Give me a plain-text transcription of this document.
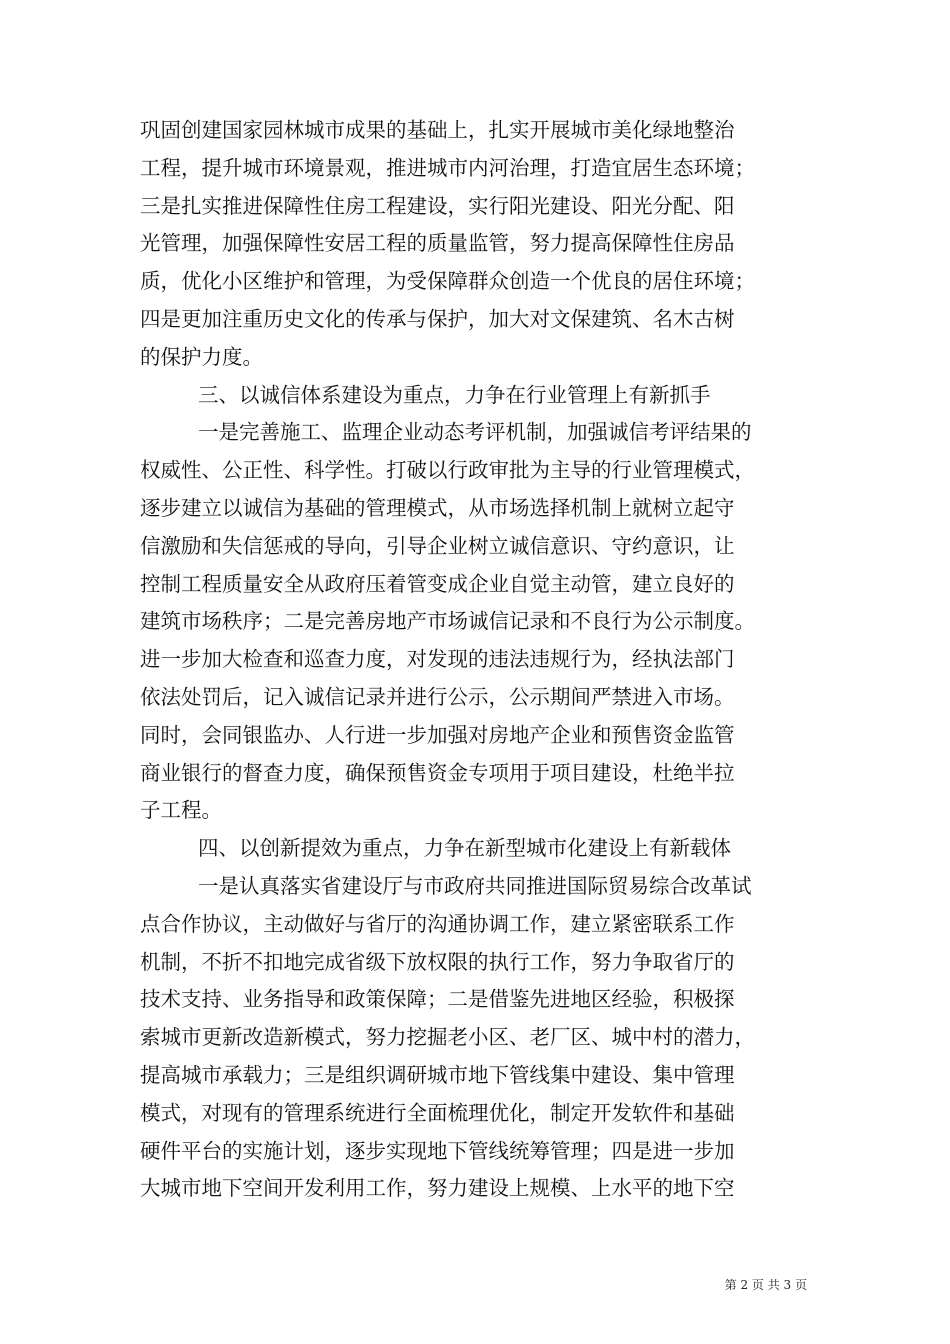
巩固创建国家园林城市成果的基础上，扎实开展城市美化绿地整治
工程，提升城市环境景观，推进城市内河治理，打造宜居生态环境；
三是扎实推进保障性住房工程建设，实行阳光建设、阳光分配、阳
光管理，加强保障性安居工程的质量监管，努力提高保障性住房品
质，优化小区维护和管理，为受保障群众创造一个优良的居住环境；
四是更加注重历史文化的传承与保护，加大对文保建筑、名木古树
的保护力度。
三、以诚信体系建设为重点，力争在行业管理上有新抓手
一是完善施工、监理企业动态考评机制，加强诚信考评结果的
权威性、公正性、科学性。打破以行政审批为主导的行业管理模式，
逐步建立以诚信为基础的管理模式，从市场选择机制上就树立起守
信激励和失信惩戒的导向，引导企业树立诚信意识、守约意识，让
控制工程质量安全从政府压着管变成企业自觉主动管，建立良好的
建筑市场秩序；二是完善房地产市场诚信记录和不良行为公示制度。
进一步加大检查和巡查力度，对发现的违法违规行为，经执法部门
依法处罚后，记入诚信记录并进行公示，公示期间严禁进入市场。
同时，会同银监办、人行进一步加强对房地产企业和预售资金监管
商业银行的督查力度，确保预售资金专项用于项目建设，杜绝半拉
子工程。
四、以创新提效为重点，力争在新型城市化建设上有新载体
一是认真落实省建设厅与市政府共同推进国际贸易综合改革试
点合作协议，主动做好与省厅的沟通协调工作，建立紧密联系工作
机制，不折不扣地完成省级下放权限的执行工作，努力争取省厅的
技术支持、业务指导和政策保障；二是借鉴先进地区经验，积极探
索城市更新改造新模式，努力挖掘老小区、老厂区、城中村的潜力，
提高城市承载力；三是组织调研城市地下管线集中建设、集中管理
模式，对现有的管理系统进行全面梳理优化，制定开发软件和基础
硬件平台的实施计划，逐步实现地下管线统筹管理；四是进一步加
大城市地下空间开发利用工作，努力建设上规模、上水平的地下空
第 2 页 共 3 页
